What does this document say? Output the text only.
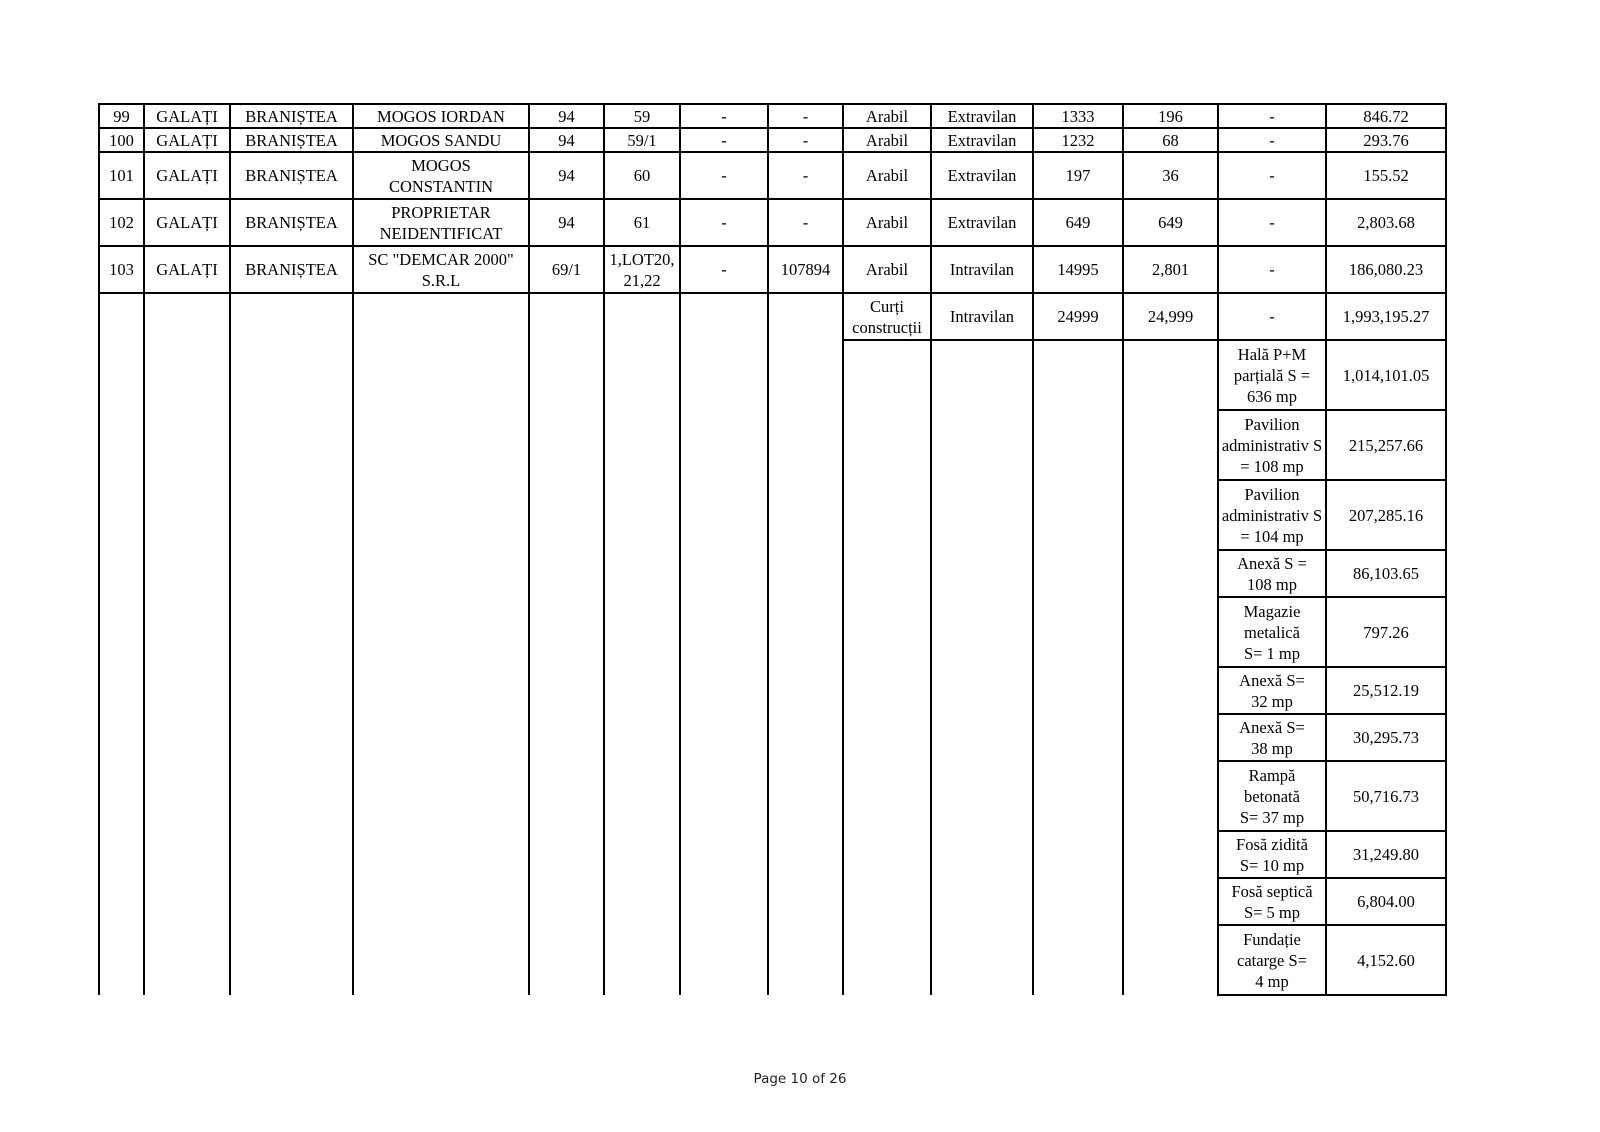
99	GALAȚI	BRANIȘTEA	MOGOS IORDAN	94	59	-	-	Arabil	Extravilan	1333	196	-	846.72
100	GALAȚI	BRANIȘTEA	MOGOS SANDU	94	59/1	-	-	Arabil	Extravilan	1232	68	-	293.76
101	GALAȚI	BRANIȘTEA	MOGOS CONSTANTIN	94	60	-	-	Arabil	Extravilan	197	36	-	155.52
102	GALAȚI	BRANIȘTEA	PROPRIETAR NEIDENTIFICAT	94	61	-	-	Arabil	Extravilan	649	649	-	2,803.68
103	GALAȚI	BRANIȘTEA	SC "DEMCAR 2000" S.R.L	69/1	1,LOT20,21,22	-	107894	Arabil	Intravilan	14995	2,801	-	186,080.23
								Curți construcții	Intravilan	24999	24,999	-	1,993,195.27
												Hală P+M parțială S = 636 mp	1,014,101.05
												Pavilion administrativ S = 108 mp	215,257.66
												Pavilion administrativ S = 104 mp	207,285.16
												Anexă S = 108 mp	86,103.65
												Magazie metalică S= 1 mp	797.26
												Anexă S= 32 mp	25,512.19
												Anexă S= 38 mp	30,295.73
												Rampă betonată S= 37 mp	50,716.73
												Fosă zidită S= 10 mp	31,249.80
												Fosă septică S= 5 mp	6,804.00
												Fundație catarge S= 4 mp	4,152.60
Page 10 of 26
